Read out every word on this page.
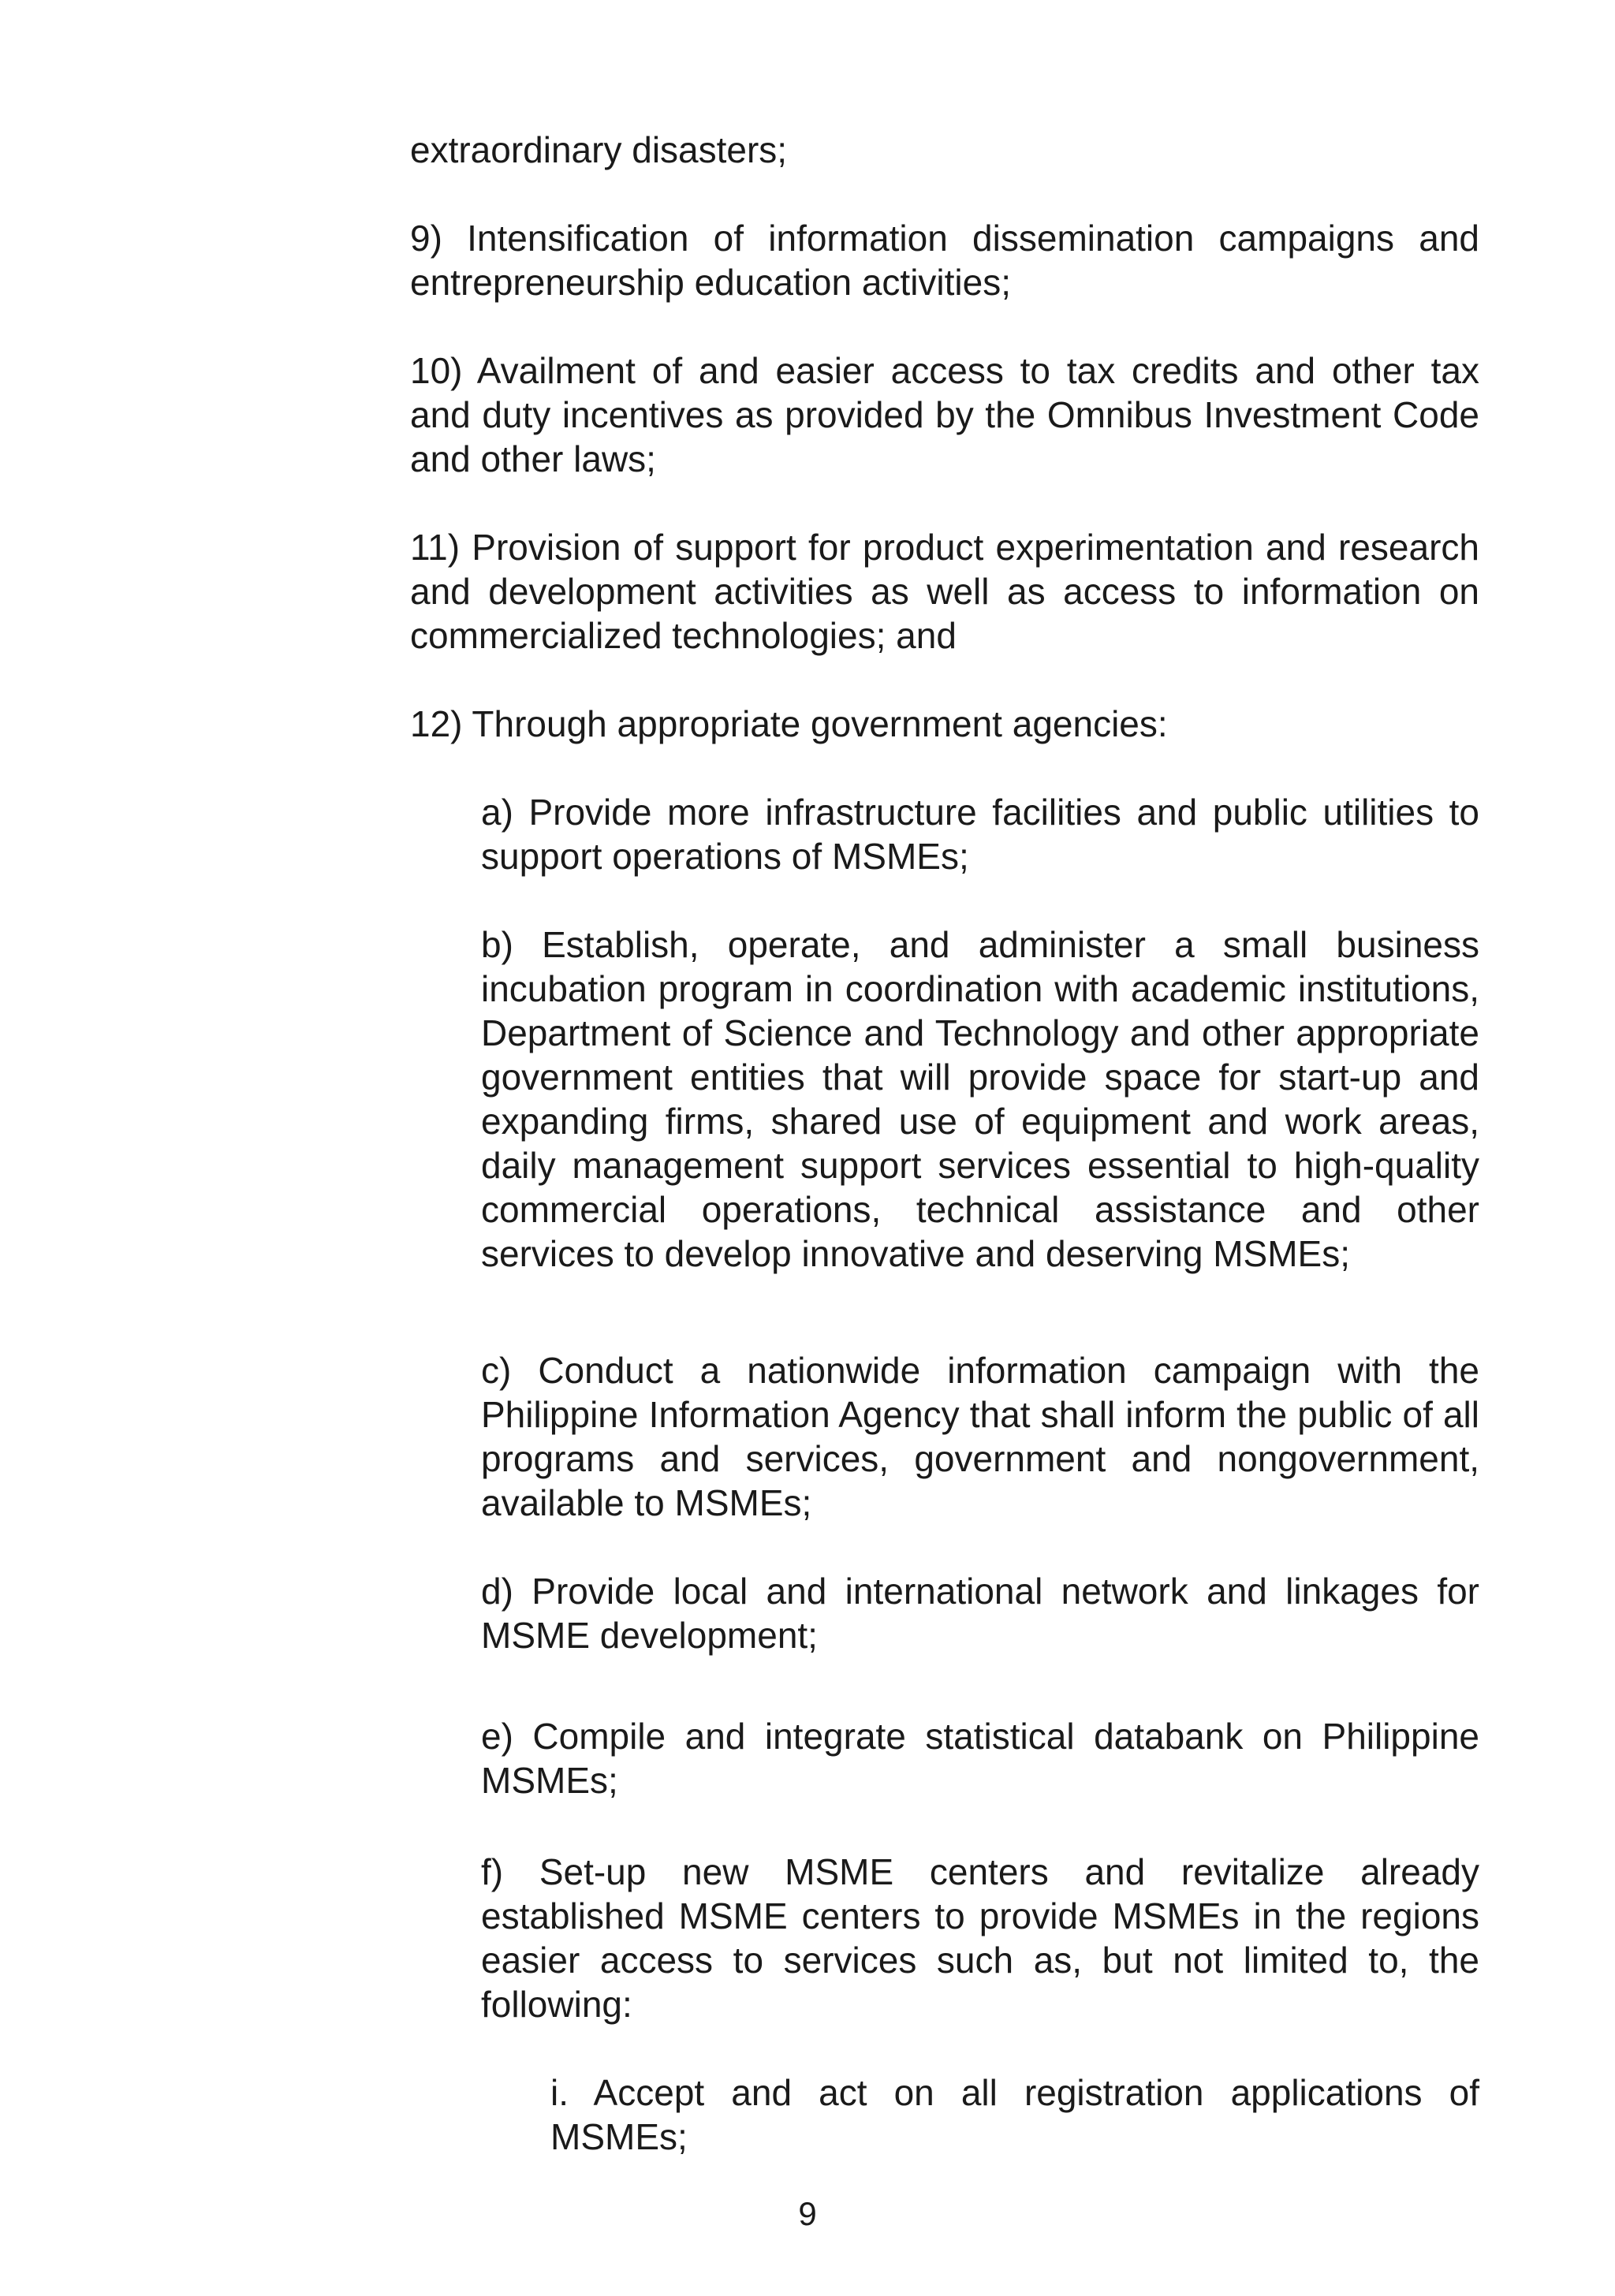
extraordinary disasters;

9) Intensification of information dissemination campaigns and entrepreneurship education activities;

10) Availment of and easier access to tax credits and other tax and duty incentives as provided by the Omnibus Investment Code and other laws;

11) Provision of support for product experimentation and research and development activities as well as access to information on commercialized technologies; and

12) Through appropriate government agencies:

a) Provide more infrastructure facilities and public utilities to support operations of MSMEs;

b) Establish, operate, and administer a small business incubation program in coordination with academic institutions, Department of Science and Technology and other appropriate government entities that will provide space for start-up and expanding firms, shared use of equipment and work areas, daily management support services essential to high-quality commercial operations, technical assistance and other services to develop innovative and deserving MSMEs;

c) Conduct a nationwide information campaign with the Philippine Information Agency that shall inform the public of all programs and services, government and nongovernment, available to MSMEs;

d) Provide local and international network and linkages for MSME development;

e) Compile and integrate statistical databank on Philippine MSMEs;

f) Set-up new MSME centers and revitalize already established MSME centers to provide MSMEs in the regions easier access to services such as, but not limited to, the following:

i. Accept and act on all registration applications of MSMEs;

9
